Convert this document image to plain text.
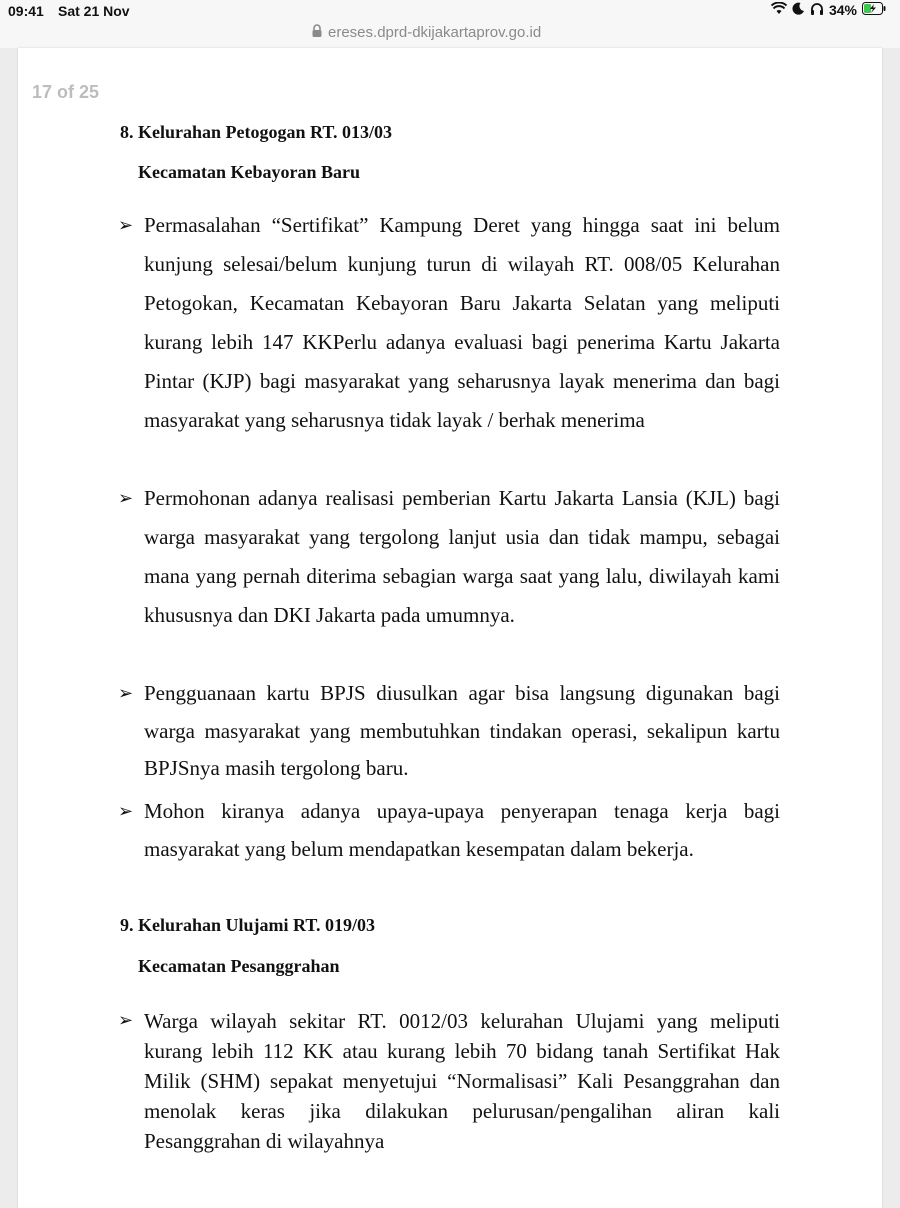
09:41 Sat 21 Nov	34%
ereses.dprd-dkijakartaprov.go.id
17 of 25
8. Kelurahan Petogogan RT. 013/03
Kecamatan Kebayoran Baru
➢ Permasalahan “Sertifikat” Kampung Deret yang hingga saat ini belum kunjung selesai/belum kunjung turun di wilayah RT. 008/05 Kelurahan Petogokan, Kecamatan Kebayoran Baru Jakarta Selatan yang meliputi kurang lebih 147 KKPerlu adanya evaluasi bagi penerima Kartu Jakarta Pintar (KJP) bagi masyarakat yang seharusnya layak menerima dan bagi masyarakat yang seharusnya tidak layak / berhak menerima
➢ Permohonan adanya realisasi pemberian Kartu Jakarta Lansia (KJL) bagi warga masyarakat yang tergolong lanjut usia dan tidak mampu, sebagai mana yang pernah diterima sebagian warga saat yang lalu, diwilayah kami khususnya dan DKI Jakarta pada umumnya.
➢ Pengguanaan kartu BPJS diusulkan agar bisa langsung digunakan bagi warga masyarakat yang membutuhkan tindakan operasi, sekalipun kartu BPJSnya masih tergolong baru.
➢ Mohon kiranya adanya upaya-upaya penyerapan tenaga kerja bagi masyarakat yang belum mendapatkan kesempatan dalam bekerja.
9. Kelurahan Ulujami RT. 019/03
Kecamatan Pesanggrahan
➢ Warga wilayah sekitar RT. 0012/03 kelurahan Ulujami yang meliputi kurang lebih 112 KK atau kurang lebih 70 bidang tanah Sertifikat Hak Milik (SHM) sepakat menyetujui “Normalisasi” Kali Pesanggrahan dan menolak keras jika dilakukan pelurusan/pengalihan aliran kali Pesanggrahan di wilayahnya
